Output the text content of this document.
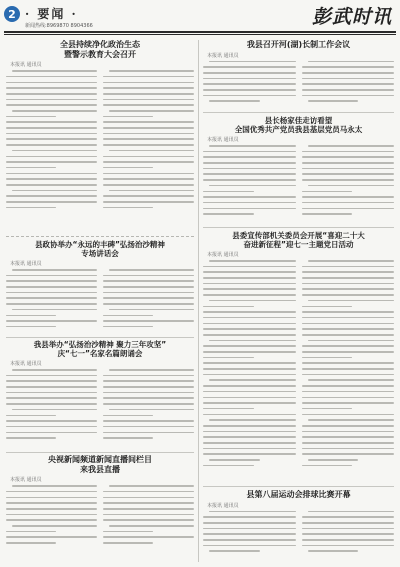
2 · 要闻 ·
新闻热线:8969870 8904366	彭武时讯
全县持续净化政治生态
暨警示教育大会召开
本报讯 通讯员
县政协举办“永远的丰碑”弘扬治沙精神
专场讲话会
本报讯 通讯员
我县举办“弘扬治沙精神 聚力三年攻坚”
庆“七一”名家名篇朗诵会
本报讯 通讯员
央视新闻频道新闻直播间栏目
来我县直播
本报讯 通讯员
我县召开河(湖)长制工作会议
本报讯 通讯员
县长杨家佳走访看望
全国优秀共产党员我县基层党员马永太
本报讯 通讯员
县委宣传部机关委员会开展“喜迎二十大
奋进新征程”迎七一主题党日活动
本报讯 通讯员
县第八届运动会排球比赛开幕
本报讯 通讯员
